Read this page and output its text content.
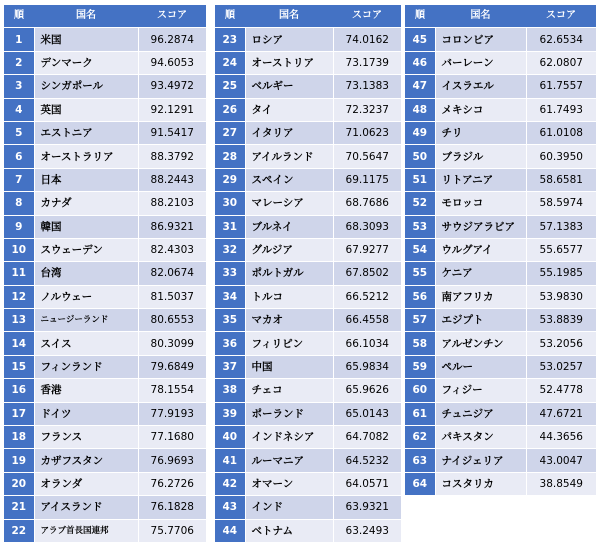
順	国名	スコア
1	米国	96.2874
2	デンマーク	94.6053
3	シンガポール	93.4972
4	英国	92.1291
5	エストニア	91.5417
6	オーストラリア	88.3792
7	日本	88.2443
8	カナダ	88.2103
9	韓国	86.9321
10	スウェーデン	82.4303
11	台湾	82.0674
12	ノルウェー	81.5037
13	ニュージーランド	80.6553
14	スイス	80.3099
15	フィンランド	79.6849
16	香港	78.1554
17	ドイツ	77.9193
18	フランス	77.1680
19	カザフスタン	76.9693
20	オランダ	76.2726
21	アイスランド	76.1828
22	アラブ首長国連邦	75.7706
順	国名	スコア
23	ロシア	74.0162
24	オーストリア	73.1739
25	ベルギー	73.1383
26	タイ	72.3237
27	イタリア	71.0623
28	アイルランド	70.5647
29	スペイン	69.1175
30	マレーシア	68.7686
31	ブルネイ	68.3093
32	グルジア	67.9277
33	ポルトガル	67.8502
34	トルコ	66.5212
35	マカオ	66.4558
36	フィリピン	66.1034
37	中国	65.9834
38	チェコ	65.9626
39	ポーランド	65.0143
40	インドネシア	64.7082
41	ルーマニア	64.5232
42	オマーン	64.0571
43	インド	63.9321
44	ベトナム	63.2493
順	国名	スコア
45	コロンビア	62.6534
46	バーレーン	62.0807
47	イスラエル	61.7557
48	メキシコ	61.7493
49	チリ	61.0108
50	ブラジル	60.3950
51	リトアニア	58.6581
52	モロッコ	58.5974
53	サウジアラビア	57.1383
54	ウルグアイ	55.6577
55	ケニア	55.1985
56	南アフリカ	53.9830
57	エジプト	53.8839
58	アルゼンチン	53.2056
59	ペルー	53.0257
60	フィジー	52.4778
61	チュニジア	47.6721
62	パキスタン	44.3656
63	ナイジェリア	43.0047
64	コスタリカ	38.8549
